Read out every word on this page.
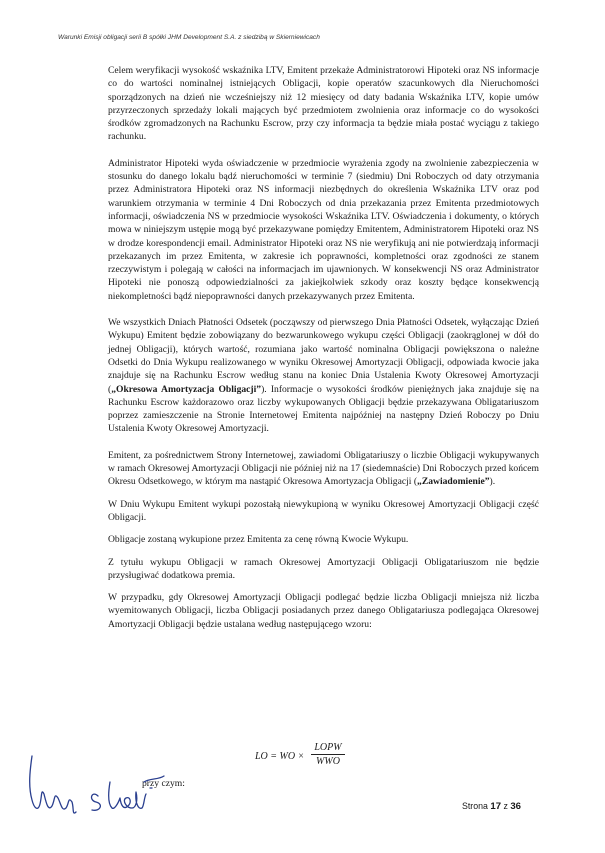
Warunki Emisji obligacji serii B spółki JHM Development S.A. z siedzibą w Skierniewicach

Celem weryfikacji wysokość wskaźnika LTV, Emitent przekaże Administratorowi Hipoteki oraz NS informacje co do wartości nominalnej istniejących Obligacji, kopie operatów szacunkowych dla Nieruchomości sporządzonych na dzień nie wcześniejszy niż 12 miesięcy od daty badania Wskaźnika LTV, kopie umów przyrzeczonych sprzedaży lokali mających być przedmiotem zwolnienia oraz informacje co do wysokości środków zgromadzonych na Rachunku Escrow, przy czy informacja ta będzie miała postać wyciągu z takiego rachunku.

Administrator Hipoteki wyda oświadczenie w przedmiocie wyrażenia zgody na zwolnienie zabezpieczenia w stosunku do danego lokalu bądź nieruchomości w terminie 7 (siedmiu) Dni Roboczych od daty otrzymania przez Administratora Hipoteki oraz NS informacji niezbędnych do określenia Wskaźnika LTV oraz pod warunkiem otrzymania w terminie 4 Dni Roboczych od dnia przekazania przez Emitenta przedmiotowych informacji, oświadczenia NS w przedmiocie wysokości Wskaźnika LTV. Oświadczenia i dokumenty, o których mowa w niniejszym ustępie mogą być przekazywane pomiędzy Emitentem, Administratorem Hipoteki oraz NS w drodze korespondencji email. Administrator Hipoteki oraz NS nie weryfikują ani nie potwierdzają informacji przekazanych im przez Emitenta, w zakresie ich poprawności, kompletności oraz zgodności ze stanem rzeczywistym i polegają w całości na informacjach im ujawnionych. W konsekwencji NS oraz Administrator Hipoteki nie ponoszą odpowiedzialności za jakiejkolwiek szkody oraz koszty będące konsekwencją niekompletności bądź niepoprawności danych przekazywanych przez Emitenta.

We wszystkich Dniach Płatności Odsetek (począwszy od pierwszego Dnia Płatności Odsetek, wyłączając Dzień Wykupu) Emitent będzie zobowiązany do bezwarunkowego wykupu części Obligacji (zaokrąglonej w dół do jednej Obligacji), których wartość, rozumiana jako wartość nominalna Obligacji powiększona o należne Odsetki do Dnia Wykupu realizowanego w wyniku Okresowej Amortyzacji Obligacji, odpowiada kwocie jaka znajduje się na Rachunku Escrow według stanu na koniec Dnia Ustalenia Kwoty Okresowej Amortyzacji („Okresowa Amortyzacja Obligacji”). Informacje o wysokości środków pieniężnych jaka znajduje się na Rachunku Escrow każdorazowo oraz liczby wykupowanych Obligacji będzie przekazywana Obligatariuszom poprzez zamieszczenie na Stronie Internetowej Emitenta najpóźniej na następny Dzień Roboczy po Dniu Ustalenia Kwoty Okresowej Amortyzacji.

Emitent, za pośrednictwem Strony Internetowej, zawiadomi Obligatariuszy o liczbie Obligacji wykupywanych w ramach Okresowej Amortyzacji Obligacji nie później niż na 17 (siedemnaście) Dni Roboczych przed końcem Okresu Odsetkowego, w którym ma nastąpić Okresowa Amortyzacja Obligacji („Zawiadomienie”).

W Dniu Wykupu Emitent wykupi pozostałą niewykupioną w wyniku Okresowej Amortyzacji Obligacji część Obligacji.

Obligacje zostaną wykupione przez Emitenta za cenę równą Kwocie Wykupu.

Z tytułu wykupu Obligacji w ramach Okresowej Amortyzacji Obligacji Obligatariuszom nie będzie przysługiwać dodatkowa premia.

W przypadku, gdy Okresowej Amortyzacji Obligacji podlegać będzie liczba Obligacji mniejsza niż liczba wyemitowanych Obligacji, liczba Obligacji posiadanych przez danego Obligatariusza podlegająca Okresowej Amortyzacji Obligacji będzie ustalana według następującego wzoru:

LO = WO ×
LOPW
WWO
przy czym:
Strona 17 z 36
